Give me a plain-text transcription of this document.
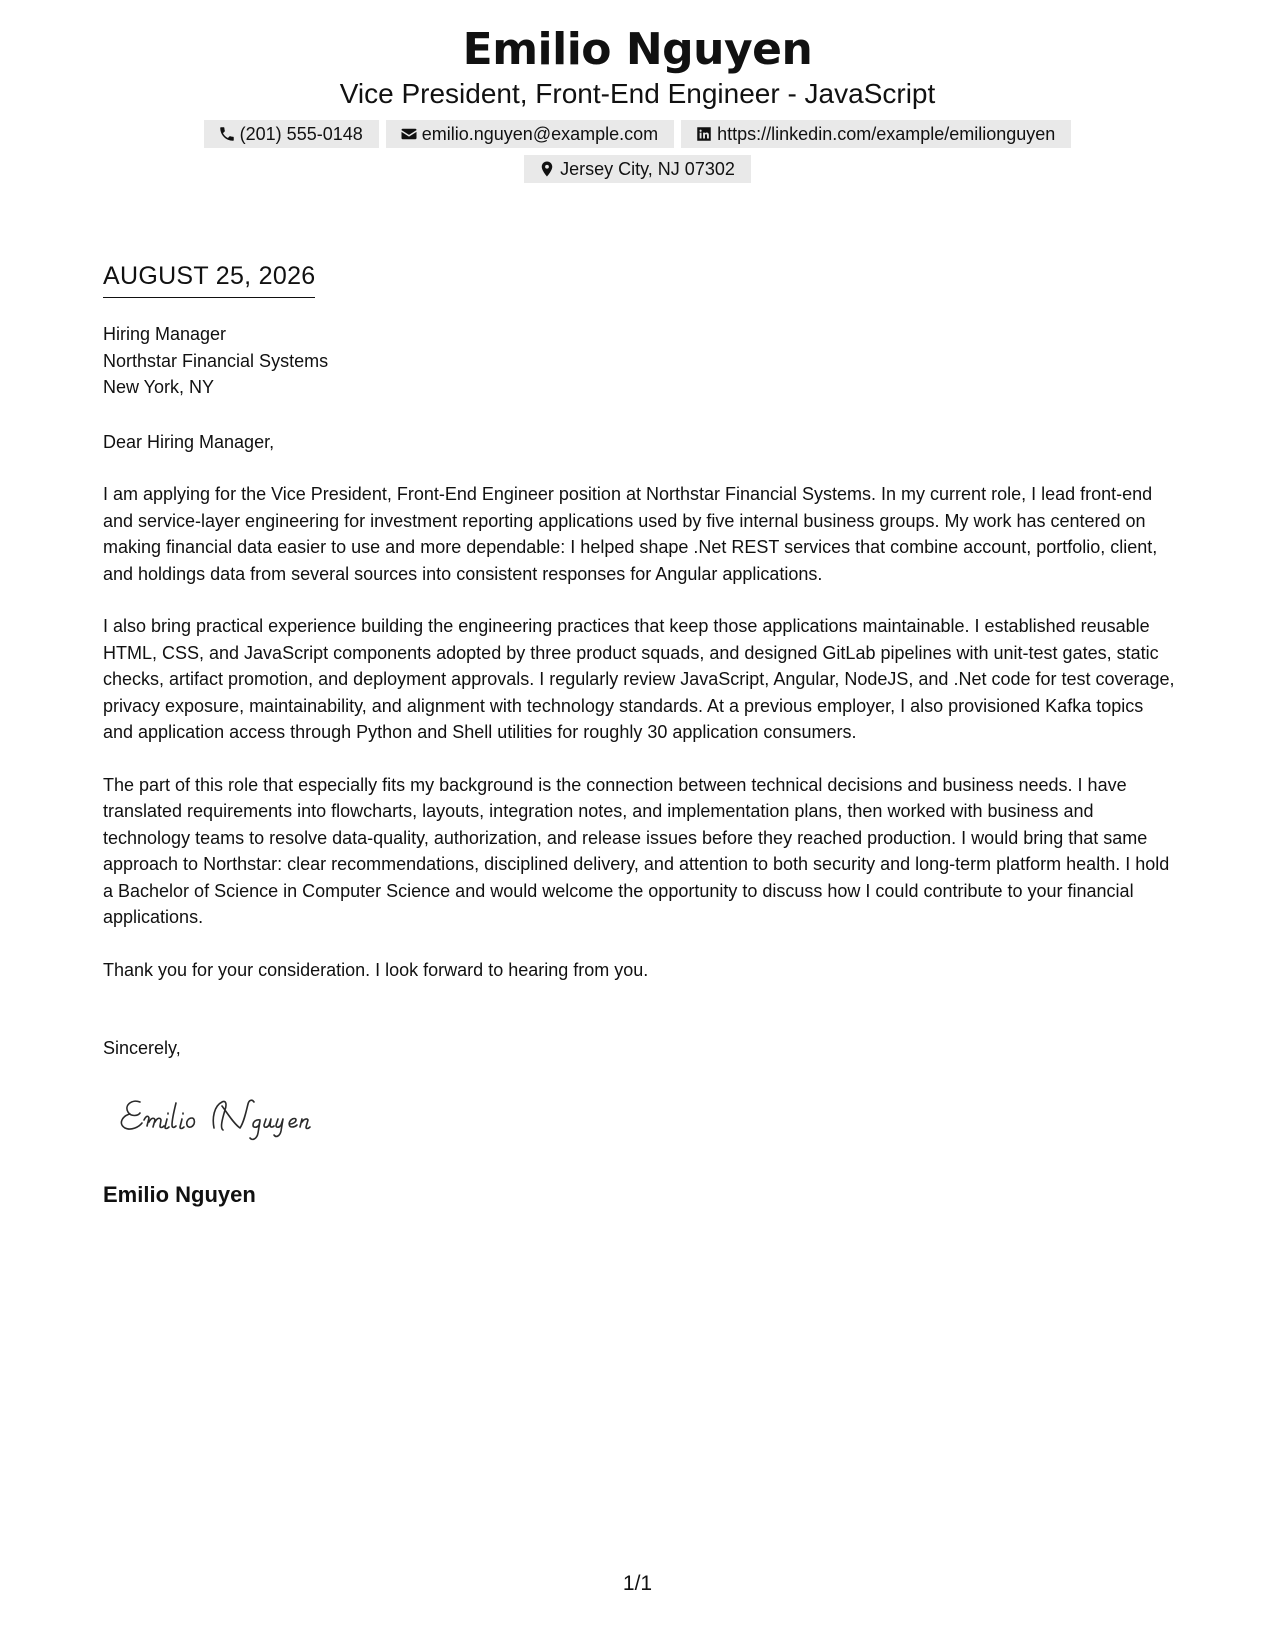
Emilio Nguyen
Vice President, Front-End Engineer - JavaScript
(201) 555-0148	emilio.nguyen@example.com	https://linkedin.com/example/emilionguyen
Jersey City, NJ 07302
AUGUST 25, 2026
Hiring Manager
Northstar Financial Systems
New York, NY
Dear Hiring Manager,

I am applying for the Vice President, Front-End Engineer position at Northstar Financial Systems. In my current role, I lead front-end and service-layer engineering for investment reporting applications used by five internal business groups. My work has centered on making financial data easier to use and more dependable: I helped shape .Net REST services that combine account, portfolio, client, and holdings data from several sources into consistent responses for Angular applications.

I also bring practical experience building the engineering practices that keep those applications maintainable. I established reusable HTML, CSS, and JavaScript components adopted by three product squads, and designed GitLab pipelines with unit-test gates, static checks, artifact promotion, and deployment approvals. I regularly review JavaScript, Angular, NodeJS, and .Net code for test coverage, privacy exposure, maintainability, and alignment with technology standards. At a previous employer, I also provisioned Kafka topics and application access through Python and Shell utilities for roughly 30 application consumers.

The part of this role that especially fits my background is the connection between technical decisions and business needs. I have translated requirements into flowcharts, layouts, integration notes, and implementation plans, then worked with business and technology teams to resolve data-quality, authorization, and release issues before they reached production. I would bring that same approach to Northstar: clear recommendations, disciplined delivery, and attention to both security and long-term platform health. I hold a Bachelor of Science in Computer Science and would welcome the opportunity to discuss how I could contribute to your financial applications.

Thank you for your consideration. I look forward to hearing from you.
Sincerely,
Emilio Nguyen
1/1
